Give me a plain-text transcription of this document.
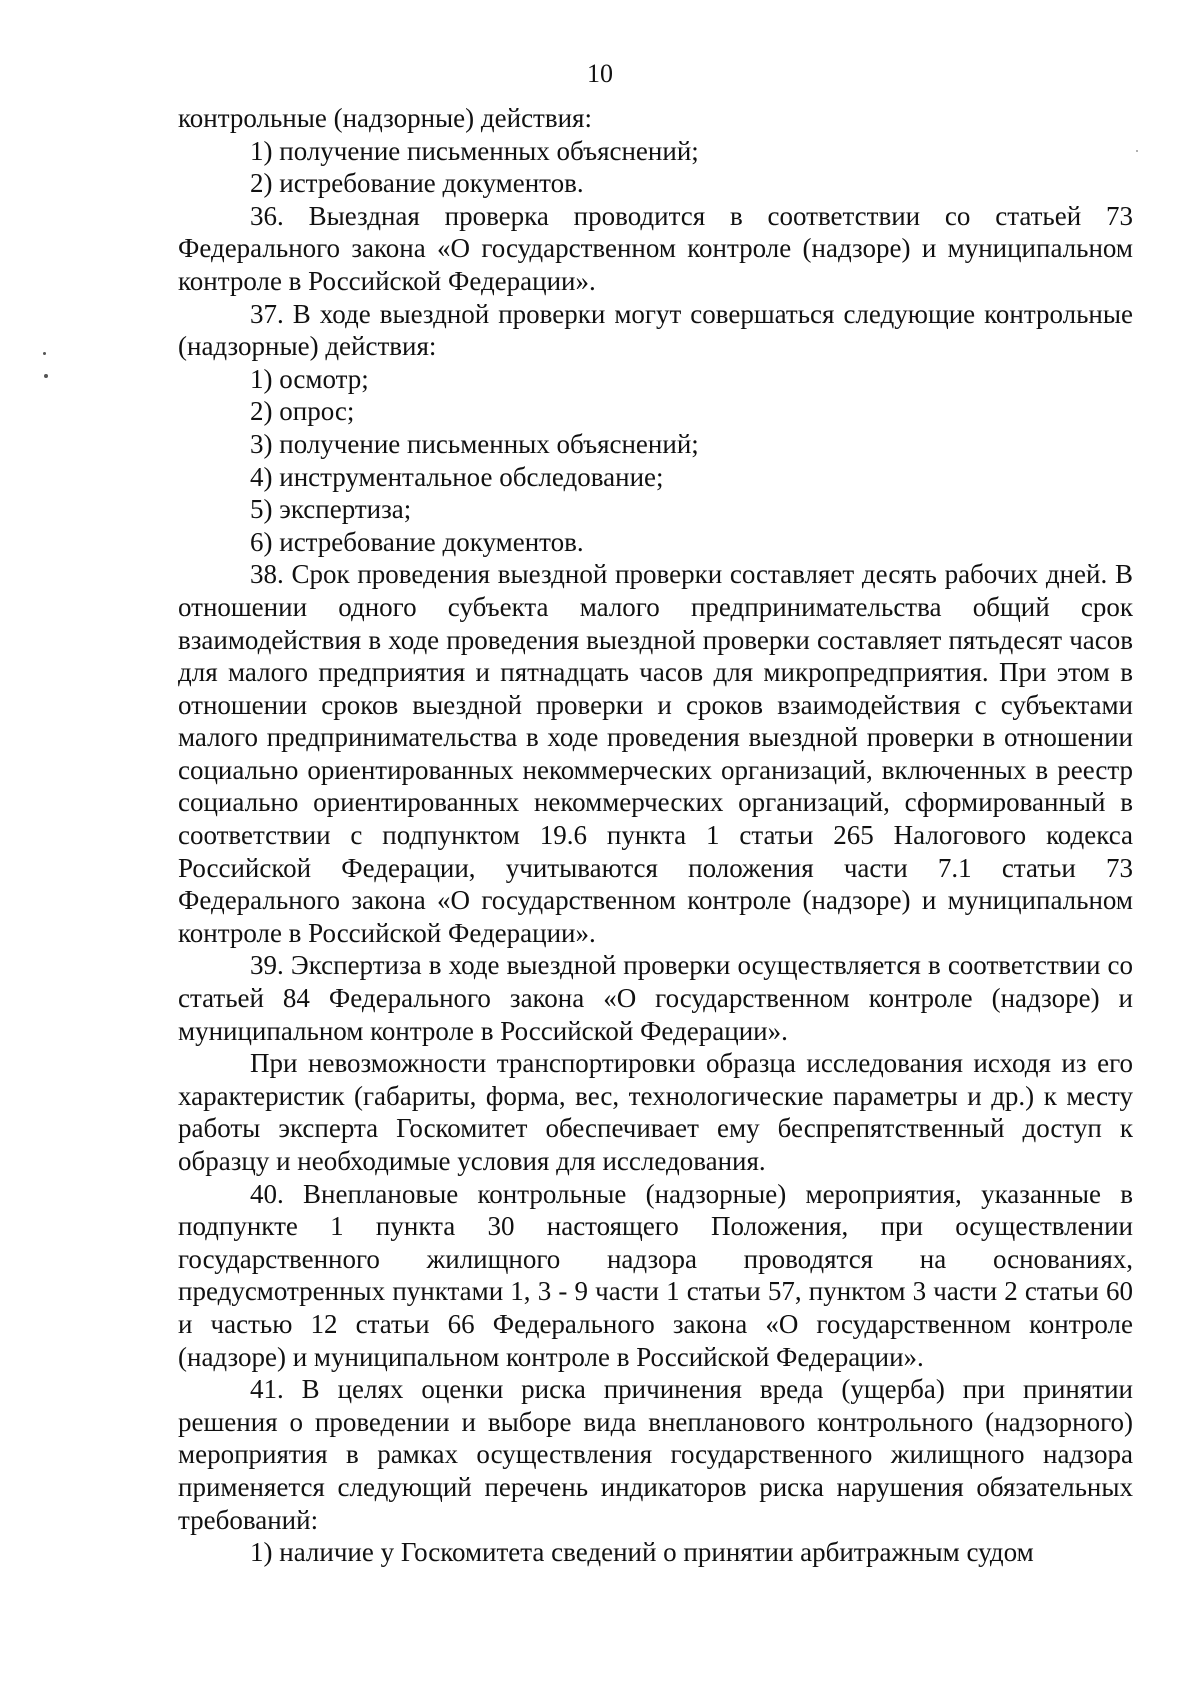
10

контрольные (надзорные) действия:

1) получение письменных объяснений;

2) истребование документов.

36. Выездная проверка проводится в соответствии со статьей 73 Федерального закона «О государственном контроле (надзоре) и муниципальном контроле в Российской Федерации».

37. В ходе выездной проверки могут совершаться следующие контрольные (надзорные) действия:

1) осмотр;

2) опрос;

3) получение письменных объяснений;

4) инструментальное обследование;

5) экспертиза;

6) истребование документов.

38. Срок проведения выездной проверки составляет десять рабочих дней. В отношении одного субъекта малого предпринимательства общий срок взаимодействия в ходе проведения выездной проверки составляет пятьдесят часов для малого предприятия и пятнадцать часов для микропредприятия. При этом в отношении сроков выездной проверки и сроков взаимодействия с субъектами малого предпринимательства в ходе проведения выездной проверки в отношении социально ориентированных некоммерческих организаций, включенных в реестр социально ориентированных некоммерческих организаций, сформированный в соответствии с подпунктом 19.6 пункта 1 статьи 265 Налогового кодекса Российской Федерации, учитываются положения части 7.1 статьи 73 Федерального закона «О государственном контроле (надзоре) и муниципальном контроле в Российской Федерации».

39. Экспертиза в ходе выездной проверки осуществляется в соответствии со статьей 84 Федерального закона «О государственном контроле (надзоре) и муниципальном контроле в Российской Федерации».

При невозможности транспортировки образца исследования исходя из его характеристик (габариты, форма, вес, технологические параметры и др.) к месту работы эксперта Госкомитет обеспечивает ему беспрепятственный доступ к образцу и необходимые условия для исследования.

40. Внеплановые контрольные (надзорные) мероприятия, указанные в подпункте 1 пункта 30 настоящего Положения, при осуществлении государственного жилищного надзора проводятся на основаниях, предусмотренных пунктами 1, 3 - 9 части 1 статьи 57, пунктом 3 части 2 статьи 60 и частью 12 статьи 66 Федерального закона «О государственном контроле (надзоре) и муниципальном контроле в Российской Федерации».

41. В целях оценки риска причинения вреда (ущерба) при принятии решения о проведении и выборе вида внепланового контрольного (надзорного) мероприятия в рамках осуществления государственного жилищного надзора применяется следующий перечень индикаторов риска нарушения обязательных требований:

1) наличие у Госкомитета сведений о принятии арбитражным судом
